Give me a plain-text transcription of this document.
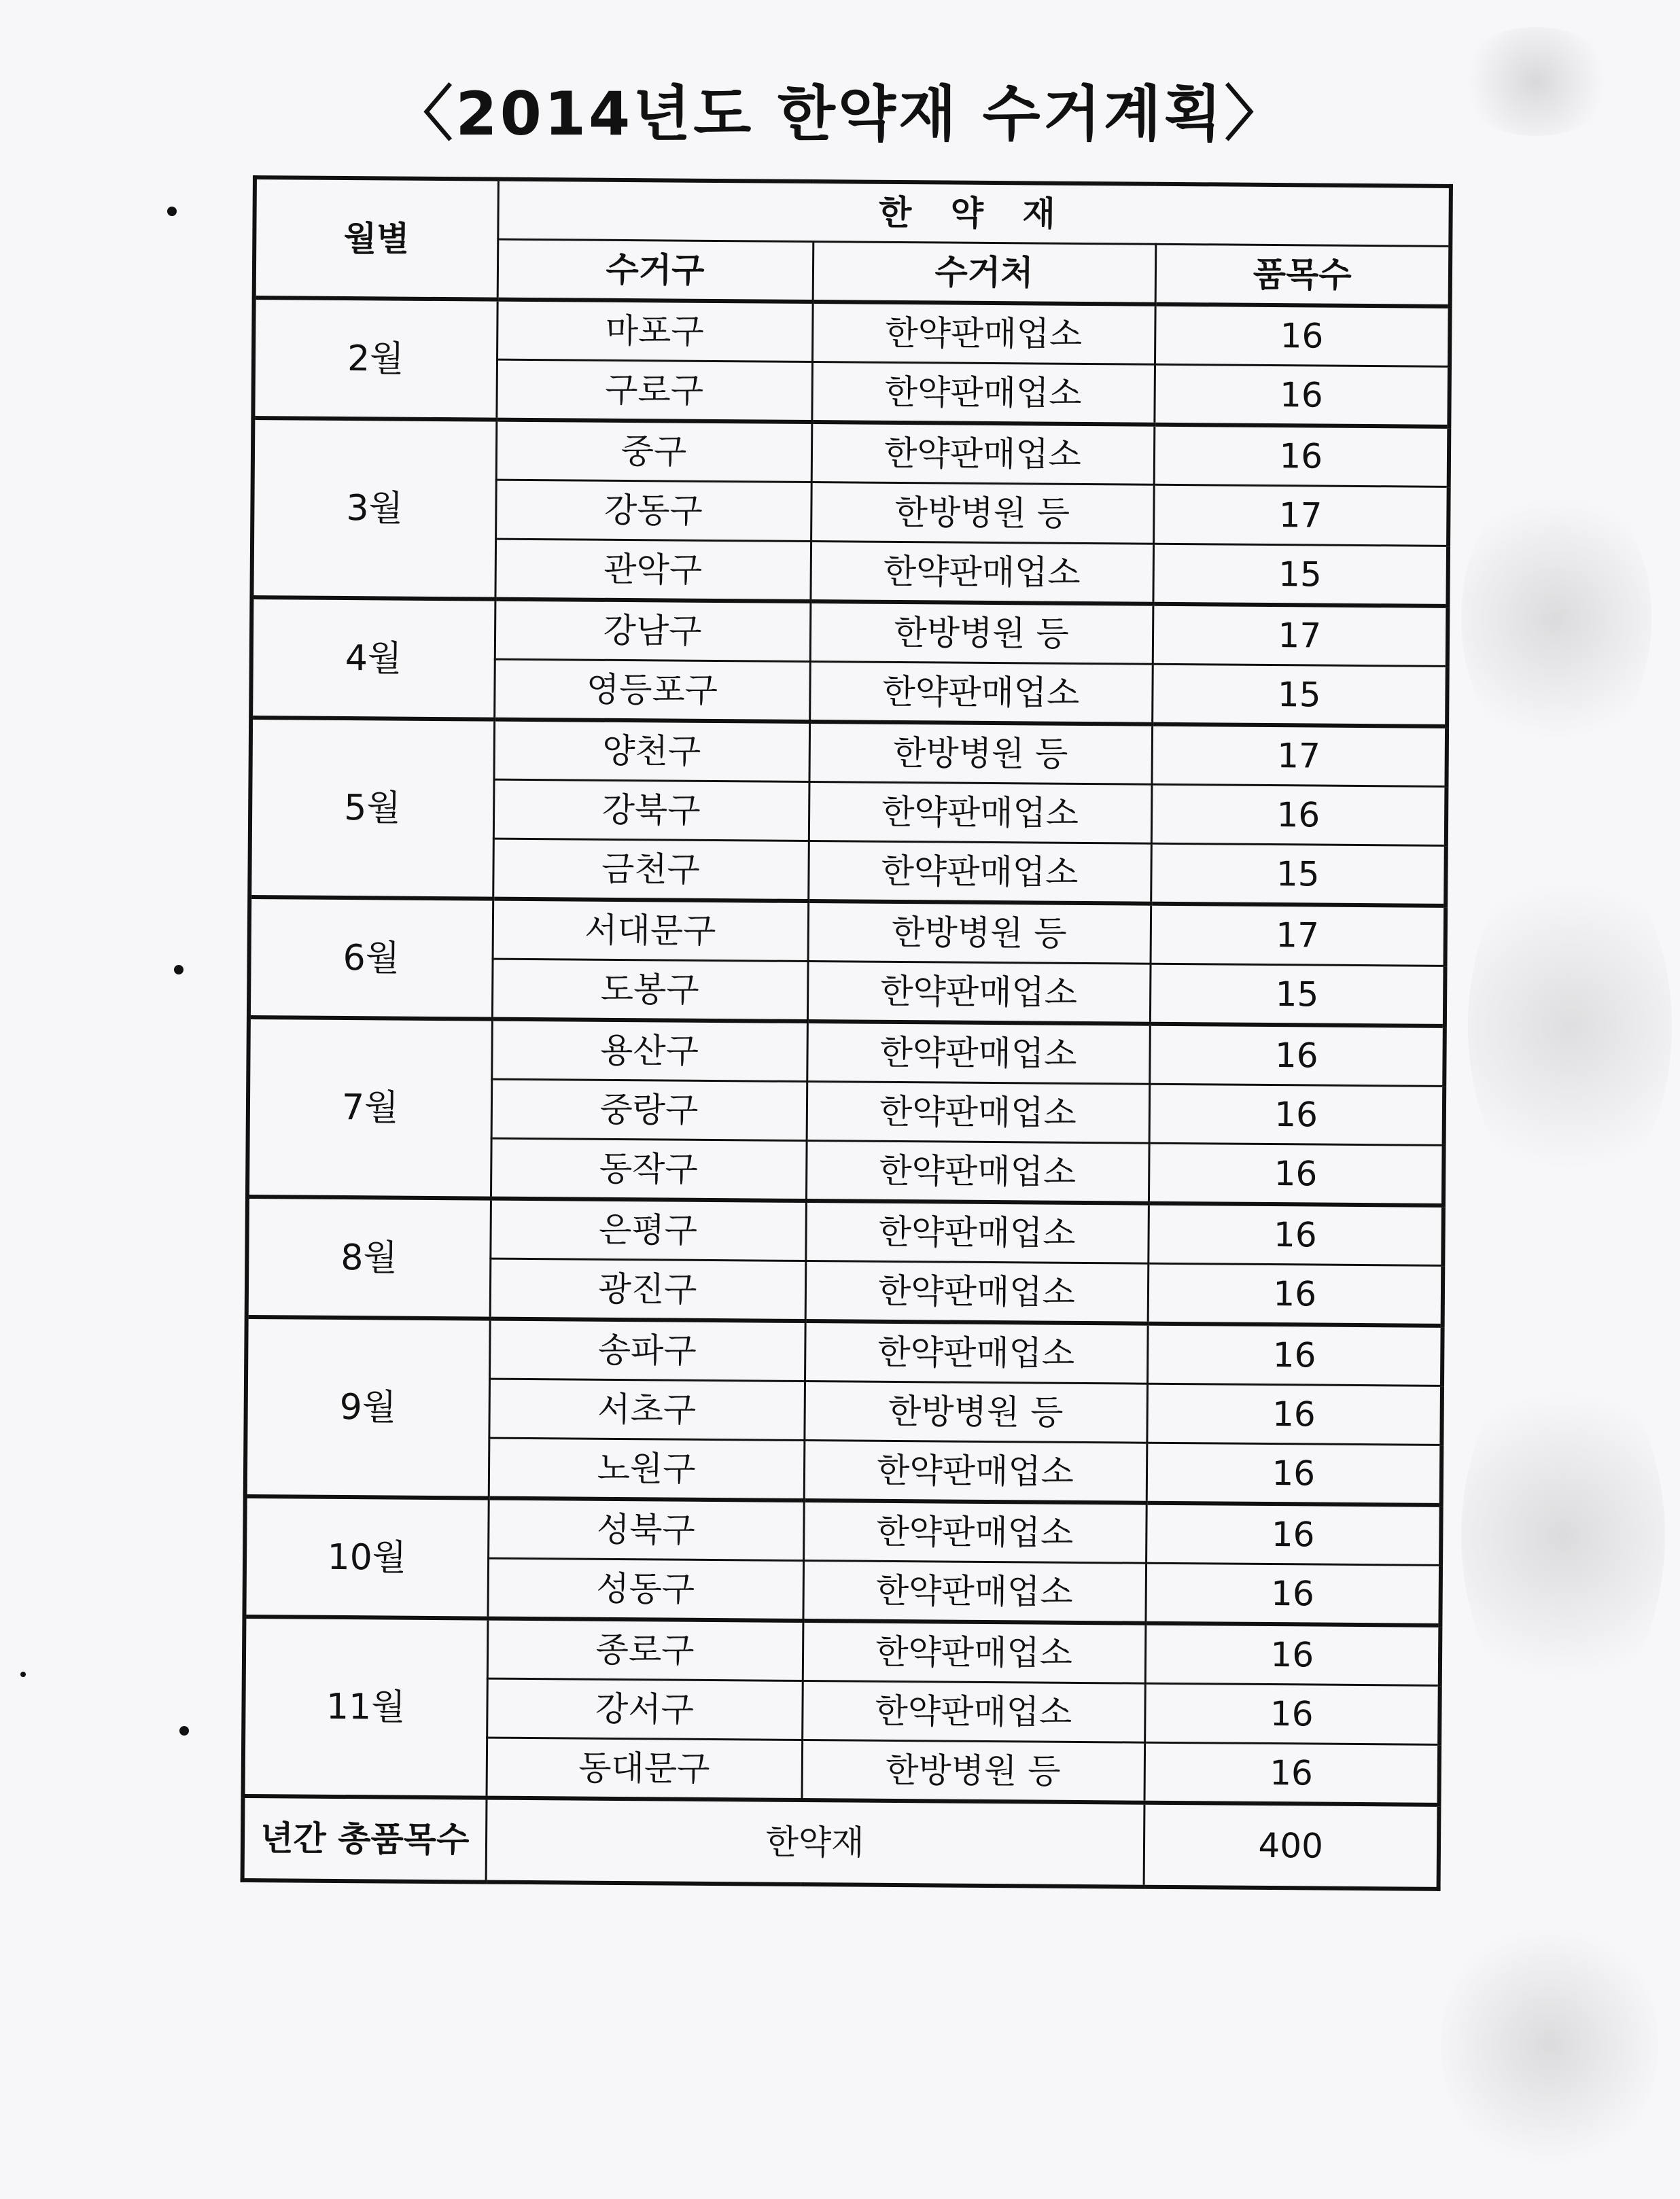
〈2014년도 한약재 수거계획〉
월별	한 약 재		
	수거구	수거처	품목수
2월	마포구	한약판매업소	16
	구로구	한약판매업소	16
3월	중구	한약판매업소	16
	강동구	한방병원 등	17
	관악구	한약판매업소	15
4월	강남구	한방병원 등	17
	영등포구	한약판매업소	15
5월	양천구	한방병원 등	17
	강북구	한약판매업소	16
	금천구	한약판매업소	15
6월	서대문구	한방병원 등	17
	도봉구	한약판매업소	15
7월	용산구	한약판매업소	16
	중랑구	한약판매업소	16
	동작구	한약판매업소	16
8월	은평구	한약판매업소	16
	광진구	한약판매업소	16
9월	송파구	한약판매업소	16
	서초구	한방병원 등	16
	노원구	한약판매업소	16
10월	성북구	한약판매업소	16
	성동구	한약판매업소	16
11월	종로구	한약판매업소	16
	강서구	한약판매업소	16
	동대문구	한방병원 등	16
년간 총품목수	한약재		400
